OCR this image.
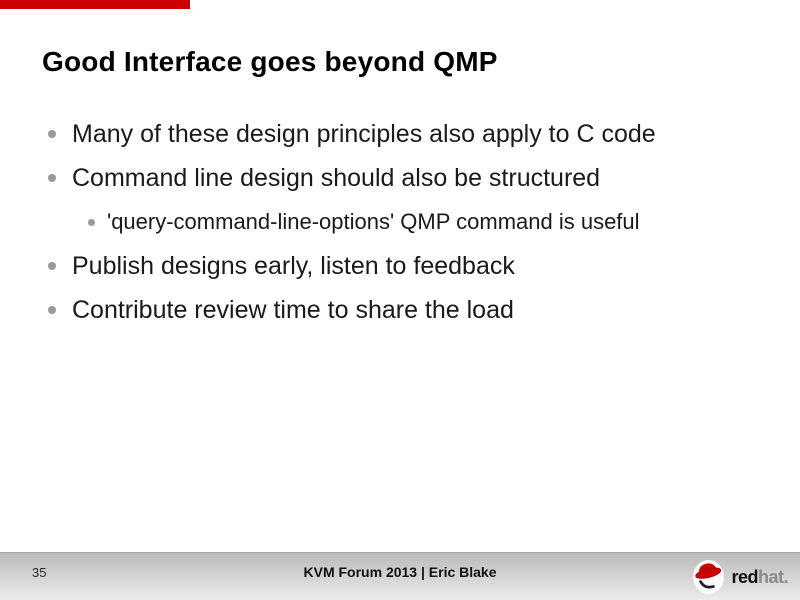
Good Interface goes beyond QMP
Many of these design principles also apply to C code
Command line design should also be structured
'query-command-line-options' QMP command is useful
Publish designs early, listen to feedback
Contribute review time to share the load
35	KVM Forum 2013 | Eric Blake	redhat.
